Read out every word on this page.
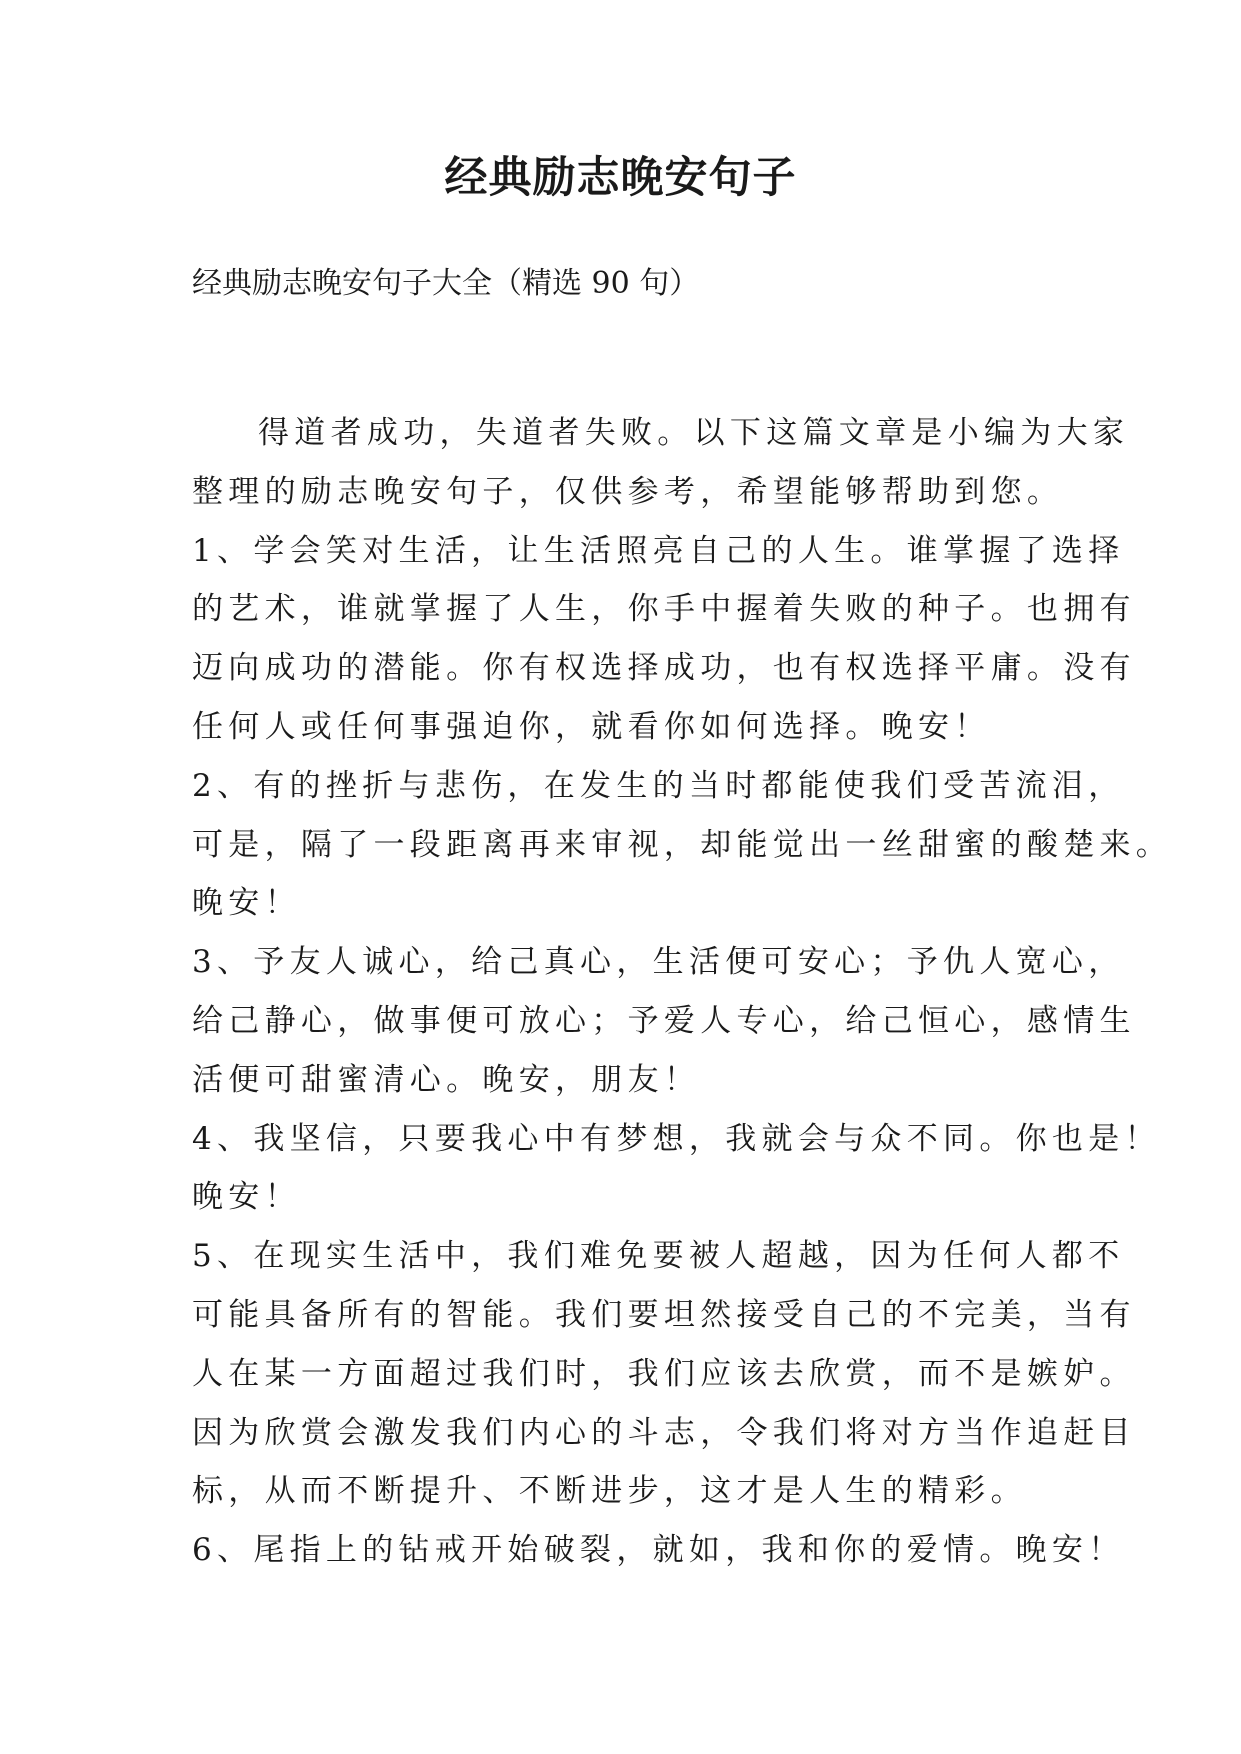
经典励志晚安句子
经典励志晚安句子大全（精选 90 句）
得道者成功，失道者失败。以下这篇文章是小编为大家
整理的励志晚安句子，仅供参考，希望能够帮助到您。
1、学会笑对生活，让生活照亮自己的人生。谁掌握了选择
的艺术，谁就掌握了人生，你手中握着失败的种子。也拥有
迈向成功的潜能。你有权选择成功，也有权选择平庸。没有
任何人或任何事强迫你，就看你如何选择。晚安！
2、有的挫折与悲伤，在发生的当时都能使我们受苦流泪，
可是，隔了一段距离再来审视，却能觉出一丝甜蜜的酸楚来。
晚安！
3、予友人诚心，给己真心，生活便可安心；予仇人宽心，
给己静心，做事便可放心；予爱人专心，给己恒心，感情生
活便可甜蜜清心。晚安，朋友！
4、我坚信，只要我心中有梦想，我就会与众不同。你也是！
晚安！
5、在现实生活中，我们难免要被人超越，因为任何人都不
可能具备所有的智能。我们要坦然接受自己的不完美，当有
人在某一方面超过我们时，我们应该去欣赏，而不是嫉妒。
因为欣赏会激发我们内心的斗志，令我们将对方当作追赶目
标，从而不断提升、不断进步，这才是人生的精彩。
6、尾指上的钻戒开始破裂，就如，我和你的爱情。晚安！
